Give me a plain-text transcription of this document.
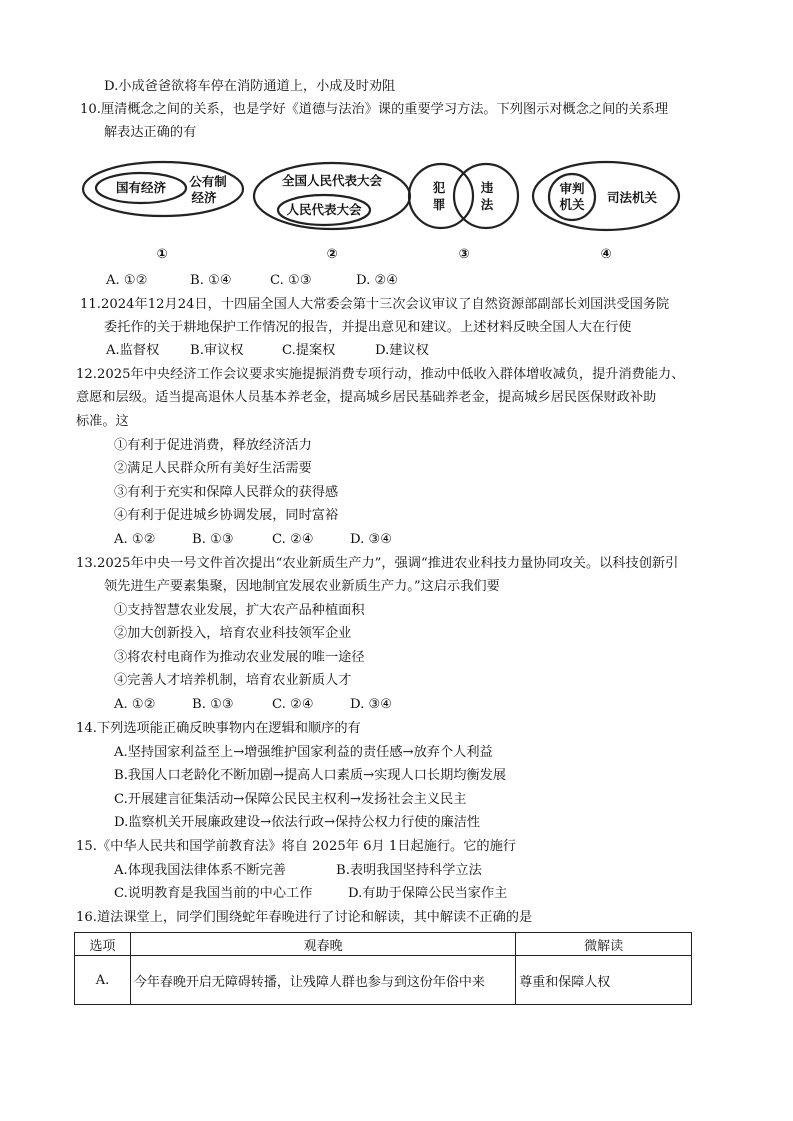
D.小成爸爸欲将车停在消防通道上，小成及时劝阻
10.厘清概念之间的关系，也是学好《道德与法治》课的重要学习方法。下列图示对概念之间的关系理
解表达正确的有
国有经济 公有制
经济
①
全国人民代表大会
人民代表大会
②
犯
罪
违
法
③
审判
机关 司法机关
④
A. ①②	B. ①④	C. ①③	D. ②④
11.2024年12月24日，十四届全国人大常委会第十三次会议审议了自然资源部副部长刘国洪受国务院
委托作的关于耕地保护工作情况的报告，并提出意见和建议。上述材料反映全国人大在行使
A.监督权 B.审议权	C.提案权	D.建议权
12.2025年中央经济工作会议要求实施提振消费专项行动，推动中低收入群体增收减负，提升消费能力、
意愿和层级。适当提高退休人员基本养老金，提高城乡居民基础养老金，提高城乡居民医保财政补助
标准。这
①有利于促进消费，释放经济活力
②满足人民群众所有美好生活需要
③有利于充实和保障人民群众的获得感
④有利于促进城乡协调发展，同时富裕
A. ①②	B. ①③	C. ②④	D. ③④
13.2025年中央一号文件首次提出“农业新质生产力”，强调“推进农业科技力量协同攻关。以科技创新引
领先进生产要素集聚，因地制宜发展农业新质生产力。”这启示我们要
①支持智慧农业发展，扩大农产品种植面积
②加大创新投入，培育农业科技领军企业
③将农村电商作为推动农业发展的唯一途径
④完善人才培养机制，培育农业新质人才
A. ①②	B. ①③	C. ②④	D. ③④
14.下列选项能正确反映事物内在逻辑和顺序的有
A.坚持国家利益至上→增强维护国家利益的责任感→放弃个人利益
B.我国人口老龄化不断加剧→提高人口素质→实现人口长期均衡发展
C.开展建言征集活动→保障公民民主权利→发扬社会主义民主
D.监察机关开展廉政建设→依法行政→保持公权力行使的廉洁性
15.《中华人民共和国学前教育法》将自 2025年 6月 1日起施行。它的施行
A.体现我国法律体系不断完善	B.表明我国坚持科学立法
C.说明教育是我国当前的中心工作	D.有助于保障公民当家作主
16.道法课堂上，同学们围绕蛇年春晚进行了讨论和解读，其中解读不正确的是
选项	观春晚	微解读
A.	今年春晚开启无障碍转播，让残障人群也参与到这份年俗中来	尊重和保障人权
